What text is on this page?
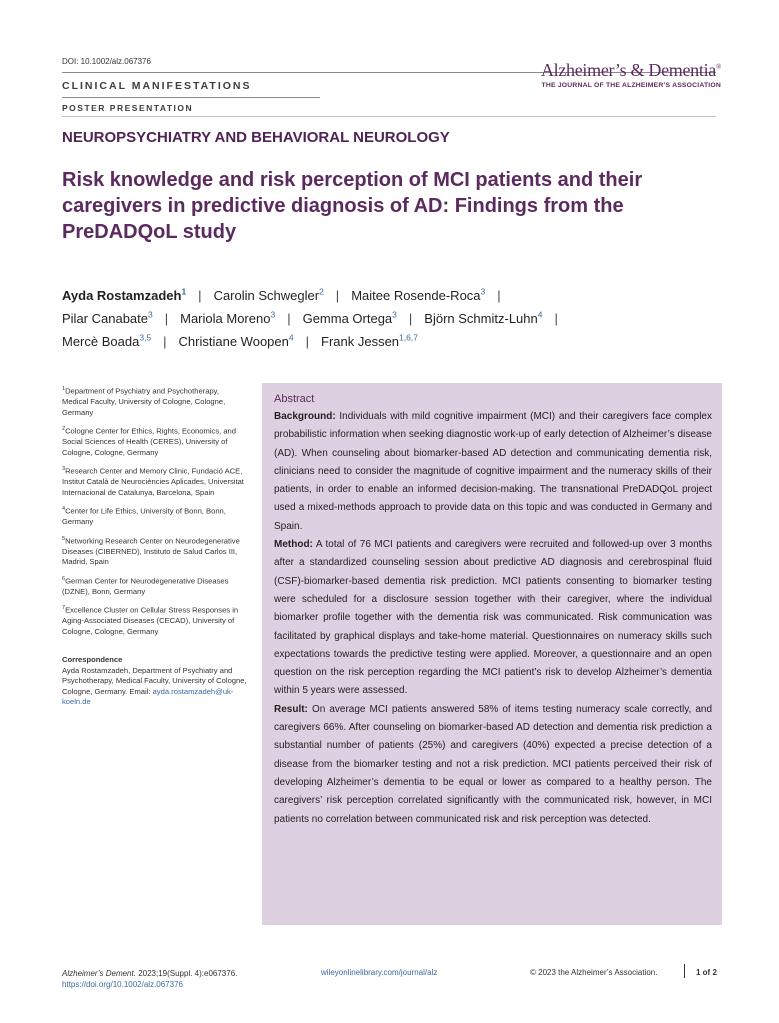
DOI: 10.1002/alz.067376
CLINICAL MANIFESTATIONS
POSTER PRESENTATION
Alzheimer’s & Dementia®
THE JOURNAL OF THE ALZHEIMER’S ASSOCIATION
NEUROPSYCHIATRY AND BEHAVIORAL NEUROLOGY
Risk knowledge and risk perception of MCI patients and their caregivers in predictive diagnosis of AD: Findings from the PreDADQoL study
Ayda Rostamzadeh$^1$ | Carolin Schwegler$^2$ | Maitee Rosende-Roca$^3$ |
Pilar Canabate$^3$ | Mariola Moreno$^3$ | Gemma Ortega$^3$ | Björn Schmitz-Luhn$^4$ |
Mercè Boada$^{3,5}$ | Christiane Woopen$^4$ | Frank Jessen$^{1,6,7}$
$^1$Department of Psychiatry and Psychotherapy, Medical Faculty, University of Cologne, Cologne, Germany
$^2$Cologne Center for Ethics, Rights, Economics, and Social Sciences of Health (CERES), University of Cologne, Cologne, Germany
$^3$Research Center and Memory Clinic, Fundació ACE, Institut Català de Neurociències Aplicades, Universitat Internacional de Catalunya, Barcelona, Spain
$^4$Center for Life Ethics, University of Bonn, Bonn, Germany
$^5$Networking Research Center on Neurodegenerative Diseases (CIBERNED), Instituto de Salud Carlos III, Madrid, Spain
$^6$German Center for Neurodegenerative Diseases (DZNE), Bonn, Germany
$^7$Excellence Cluster on Cellular Stress Responses in Aging-Associated Diseases (CECAD), University of Cologne, Cologne, Germany
Correspondence
Ayda Rostamzadeh, Department of Psychiatry and Psychotherapy, Medical Faculty, University of Cologne, Cologne, Germany. Email: ayda.rostamzadeh@uk-koeln.de
Abstract

Background: Individuals with mild cognitive impairment (MCI) and their caregivers face complex probabilistic information when seeking diagnostic work-up of early detection of Alzheimer’s disease (AD). When counseling about biomarker-based AD detection and communicating dementia risk, clinicians need to consider the magnitude of cognitive impairment and the numeracy skills of their patients, in order to enable an informed decision-making. The transnational PreDADQoL project used a mixed-methods approach to provide data on this topic and was conducted in Germany and Spain.

Method: A total of 76 MCI patients and caregivers were recruited and followed-up over 3 months after a standardized counseling session about predictive AD diagnosis and cerebrospinal fluid (CSF)-biomarker-based dementia risk prediction. MCI patients consenting to biomarker testing were scheduled for a disclosure session together with their caregiver, where the individual biomarker profile together with the dementia risk was communicated. Risk communication was facilitated by graphical displays and take-home material. Questionnaires on numeracy skills such expectations towards the predictive testing were applied. Moreover, a questionnaire and an open question on the risk perception regarding the MCI patient’s risk to develop Alzheimer’s dementia within 5 years were assessed.

Result: On average MCI patients answered 58% of items testing numeracy scale correctly, and caregivers 66%. After counseling on biomarker-based AD detection and dementia risk prediction a substantial number of patients (25%) and caregivers (40%) expected a precise detection of a disease from the biomarker testing and not a risk prediction. MCI patients perceived their risk of developing Alzheimer’s dementia to be equal or lower as compared to a healthy person. The caregivers’ risk perception correlated significantly with the communicated risk, however, in MCI patients no correlation between communicated risk and risk perception was detected.

Alzheimer’s Dement. 2023;19(Suppl. 4):e067376.
https://doi.org/10.1002/alz.067376
wileyonlinelibrary.com/journal/alz	© 2023 the Alzheimer’s Association.	1 of 2
